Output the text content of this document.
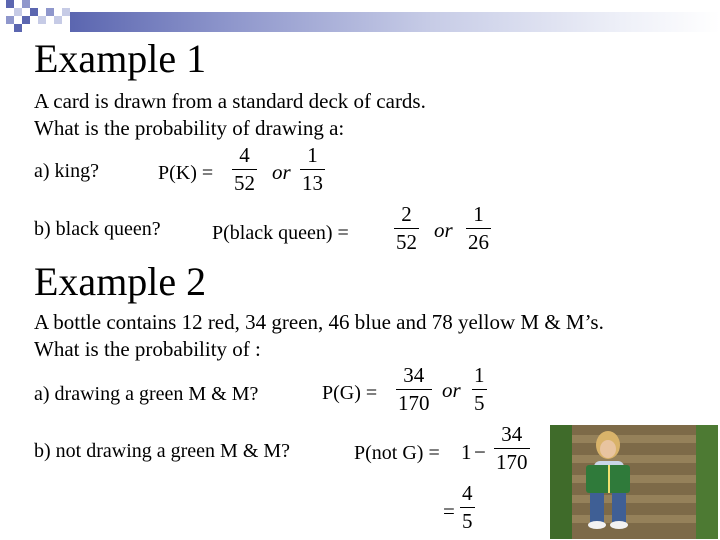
Example 1
A card is drawn from a standard deck of cards.
What is the probability of drawing a:
a) king?	P(K) =
4
52 or
1
13
b) black queen?	P(black queen) =
2
52 or
1
26
Example 2
A bottle contains 12 red, 34 green, 46 blue and 78 yellow M & M’s.
What is the probability of :
a) drawing a green M & M?	P(G) =
34
170
or
1
5
b) not drawing a green M & M?	P(not G) = 1 −
34
170
=
4
5
